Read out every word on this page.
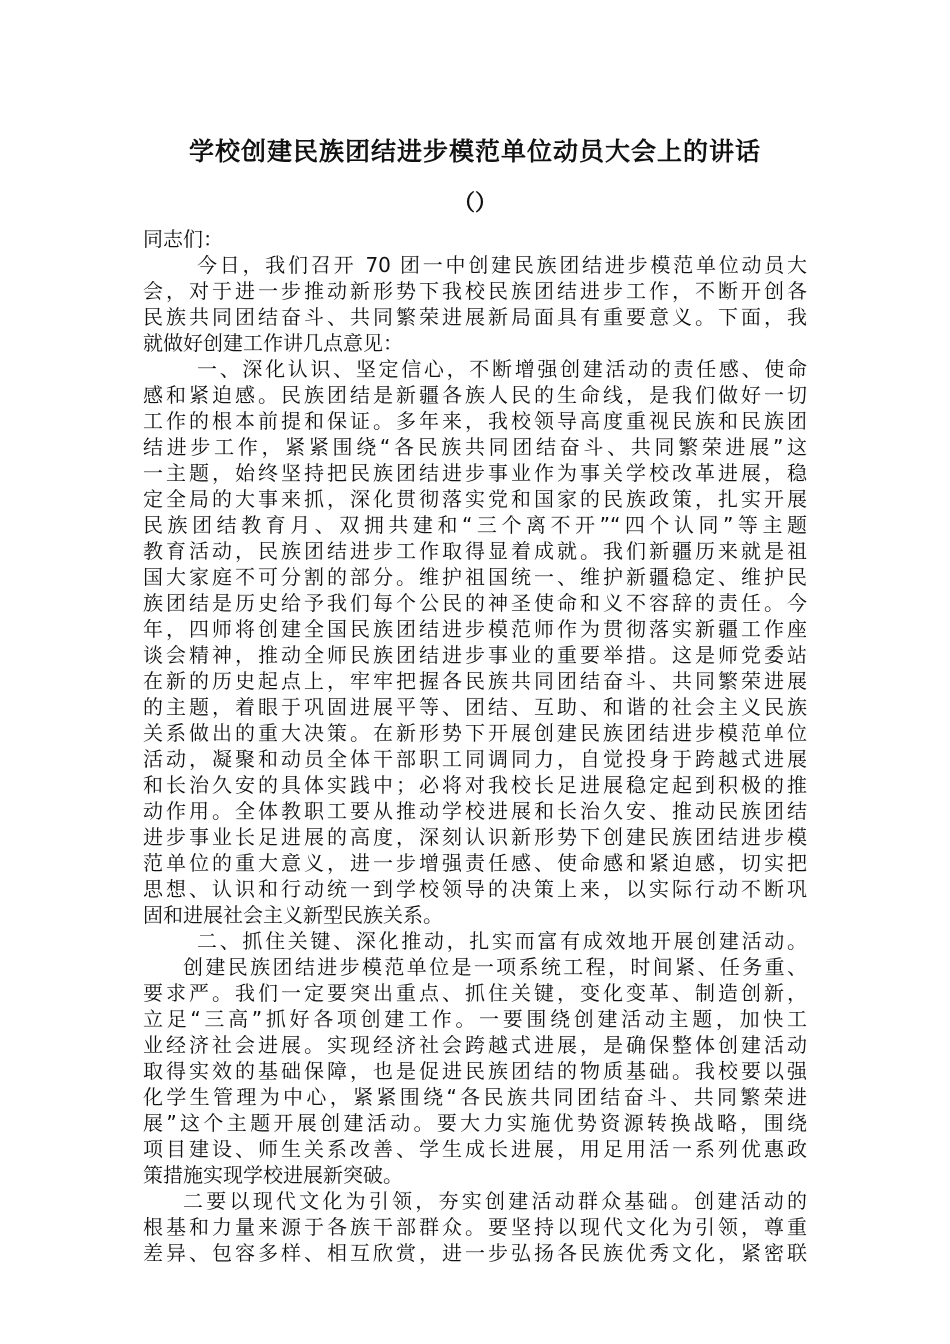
学校创建民族团结进步模范单位动员大会上的讲话
（）
同志们：
今日，我们召开 70 团一中创建民族团结进步模范单位动员大
会，对于进一步推动新形势下我校民族团结进步工作，不断开创各
民族共同团结奋斗、共同繁荣进展新局面具有重要意义。下面，我
就做好创建工作讲几点意见：
一、深化认识、坚定信心，不断增强创建活动的责任感、使命
感和紧迫感。民族团结是新疆各族人民的生命线，是我们做好一切
工作的根本前提和保证。多年来，我校领导高度重视民族和民族团
结进步工作，紧紧围绕“各民族共同团结奋斗、共同繁荣进展”这
一主题，始终坚持把民族团结进步事业作为事关学校改革进展，稳
定全局的大事来抓，深化贯彻落实党和国家的民族政策，扎实开展
民族团结教育月、双拥共建和“三个离不开”“四个认同”等主题
教育活动，民族团结进步工作取得显着成就。我们新疆历来就是祖
国大家庭不可分割的部分。维护祖国统一、维护新疆稳定、维护民
族团结是历史给予我们每个公民的神圣使命和义不容辞的责任。今
年，四师将创建全国民族团结进步模范师作为贯彻落实新疆工作座
谈会精神，推动全师民族团结进步事业的重要举措。这是师党委站
在新的历史起点上，牢牢把握各民族共同团结奋斗、共同繁荣进展
的主题，着眼于巩固进展平等、团结、互助、和谐的社会主义民族
关系做出的重大决策。在新形势下开展创建民族团结进步模范单位
活动，凝聚和动员全体干部职工同调同力，自觉投身于跨越式进展
和长治久安的具体实践中；必将对我校长足进展稳定起到积极的推
动作用。全体教职工要从推动学校进展和长治久安、推动民族团结
进步事业长足进展的高度，深刻认识新形势下创建民族团结进步模
范单位的重大意义，进一步增强责任感、使命感和紧迫感，切实把
思想、认识和行动统一到学校领导的决策上来，以实际行动不断巩
固和进展社会主义新型民族关系。
二、抓住关键、深化推动，扎实而富有成效地开展创建活动。
创建民族团结进步模范单位是一项系统工程，时间紧、任务重、
要求严。我们一定要突出重点、抓住关键，变化变革、制造创新，
立足“三高”抓好各项创建工作。一要围绕创建活动主题，加快工
业经济社会进展。实现经济社会跨越式进展，是确保整体创建活动
取得实效的基础保障，也是促进民族团结的物质基础。我校要以强
化学生管理为中心，紧紧围绕“各民族共同团结奋斗、共同繁荣进
展”这个主题开展创建活动。要大力实施优势资源转换战略，围绕
项目建设、师生关系改善、学生成长进展，用足用活一系列优惠政
策措施实现学校进展新突破。
二要以现代文化为引领，夯实创建活动群众基础。创建活动的
根基和力量来源于各族干部群众。要坚持以现代文化为引领，尊重
差异、包容多样、相互欣赏，进一步弘扬各民族优秀文化，紧密联
